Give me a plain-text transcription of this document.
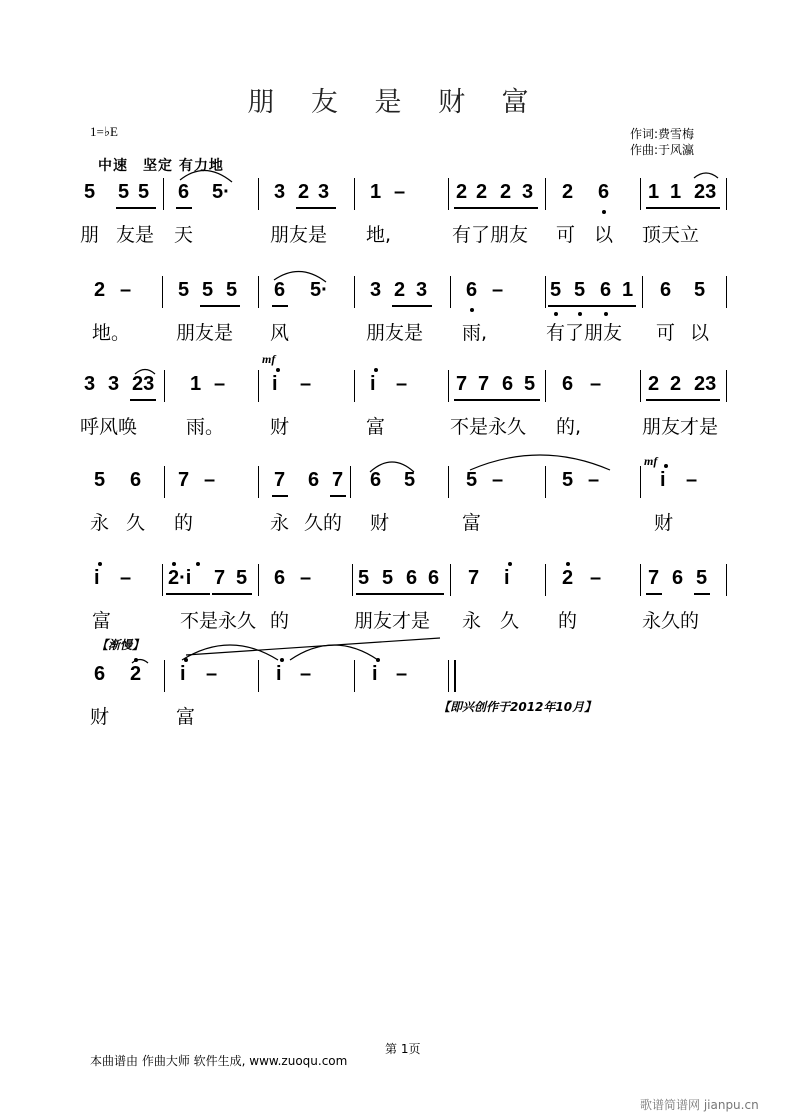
朋 友 是 财 富
1=♭E	作词:费雪梅
作曲:于风瀛
中速　坚定 有力地
5 5 5 6 5· 3 2 3 1 –	2 2 2 3 2 6 1 1 23
朋 友是 天	朋友是 地,	有了朋友 可 以 顶天立
2 – 5 5 5 6 5· 3 2 3 6 – 5 5 6 1 6 5
地。 朋友是 风	朋友是 雨,	有了朋友 可 以
mf
3 3 23 1 – i –	i – 7 7 6 5 6 – 2 2 23
呼风唤	雨。 财	富	不是永久 的,	朋友才是
mf
5 6 7 –	7 6 7 6 5	5 –	5 –	i –
永 久 的	永 久的 财	富	财
i – 2·i 7 5 6 – 5 5 6 6 7 i	2 – 7 6 5
富	不是永久 的	朋友才是 永 久 的	永久的
【渐慢】
6 2 i –	i –	i –
财	富	【即兴创作于2012年10月】
第 1页
本曲谱由 作曲大师 软件生成, www.zuoqu.com
歌谱简谱网 jianpu.cn
